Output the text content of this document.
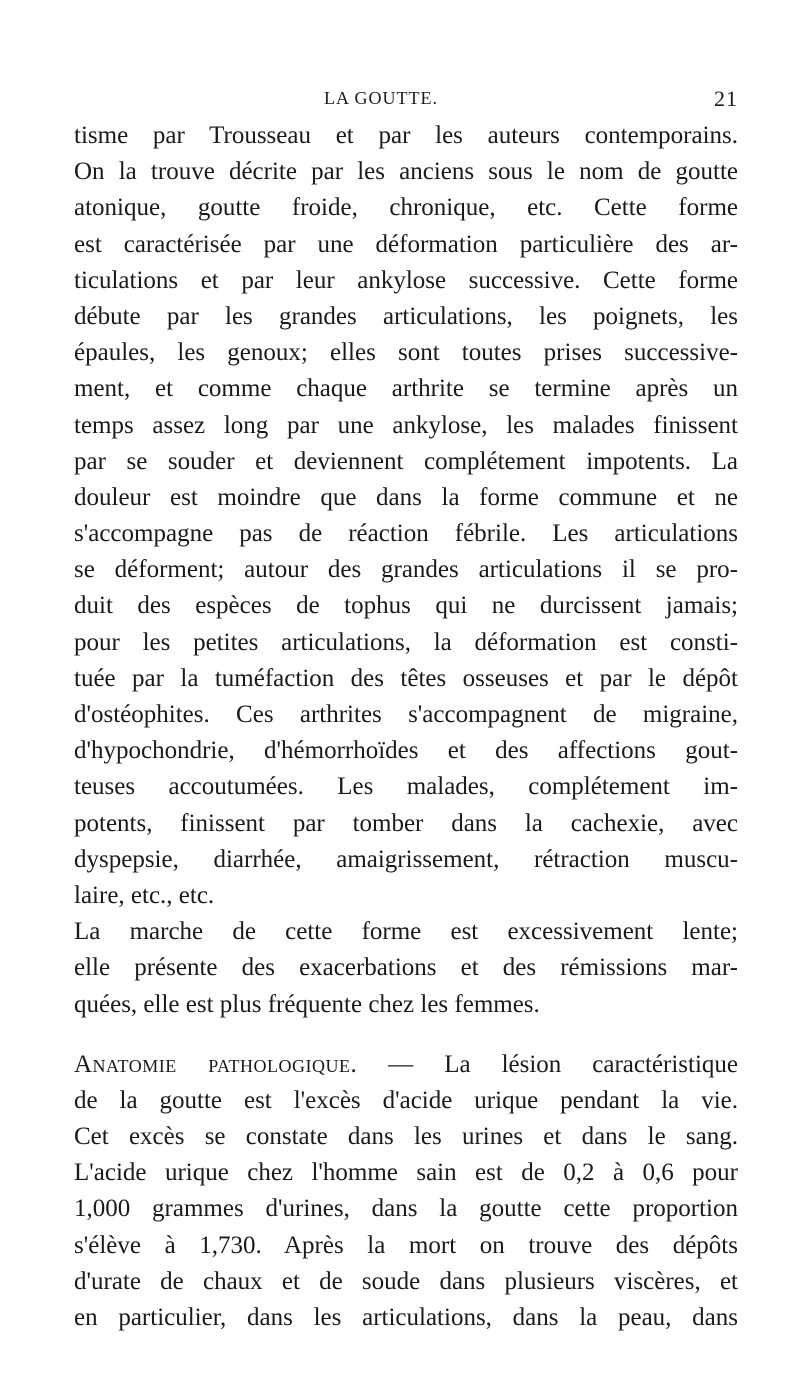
LA GOUTTE.	21
tisme par Trousseau et par les auteurs contemporains.
On la trouve décrite par les anciens sous le nom de goutte
atonique, goutte froide, chronique, etc. Cette forme
est caractérisée par une déformation particulière des ar-
ticulations et par leur ankylose successive. Cette forme
débute par les grandes articulations, les poignets, les
épaules, les genoux; elles sont toutes prises successive-
ment, et comme chaque arthrite se termine après un
temps assez long par une ankylose, les malades finissent
par se souder et deviennent complétement impotents. La
douleur est moindre que dans la forme commune et ne
s'accompagne pas de réaction fébrile. Les articulations
se déforment; autour des grandes articulations il se pro-
duit des espèces de tophus qui ne durcissent jamais;
pour les petites articulations, la déformation est consti-
tuée par la tuméfaction des têtes osseuses et par le dépôt
d'ostéophites. Ces arthrites s'accompagnent de migraine,
d'hypochondrie, d'hémorrhoïdes et des affections gout-
teuses accoutumées. Les malades, complétement im-
potents, finissent par tomber dans la cachexie, avec
dyspepsie, diarrhée, amaigrissement, rétraction muscu-
laire, etc., etc.
La marche de cette forme est excessivement lente;
elle présente des exacerbations et des rémissions mar-
quées, elle est plus fréquente chez les femmes.
Anatomie pathologique. — La lésion caractéristique
de la goutte est l'excès d'acide urique pendant la vie.
Cet excès se constate dans les urines et dans le sang.
L'acide urique chez l'homme sain est de 0,2 à 0,6 pour
1,000 grammes d'urines, dans la goutte cette proportion
s'élève à 1,730. Après la mort on trouve des dépôts
d'urate de chaux et de soude dans plusieurs viscères, et
en particulier, dans les articulations, dans la peau, dans
